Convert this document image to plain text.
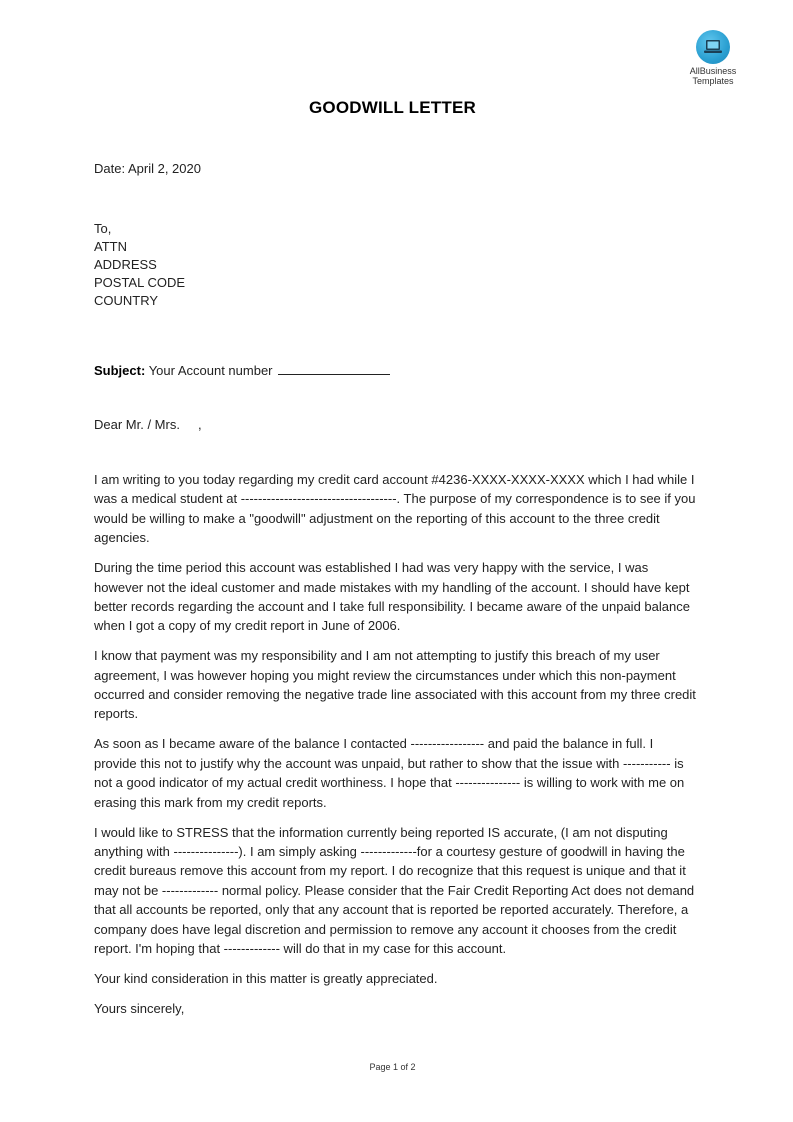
AllBusiness
Templates
GOODWILL LETTER
Date: April 2, 2020
To,
ATTN
ADDRESS
POSTAL CODE
COUNTRY
Subject: Your Account number
Dear Mr. / Mrs.     ,

I am writing to you today regarding my credit card account #4236-XXXX-XXXX-XXXX which I had while I was a medical student at ------------------------------------. The purpose of my correspondence is to see if you would be willing to make a "goodwill" adjustment on the reporting of this account to the three credit agencies.

During the time period this account was established I had was very happy with the service, I was however not the ideal customer and made mistakes with my handling of the account. I should have kept better records regarding the account and I take full responsibility. I became aware of the unpaid balance when I got a copy of my credit report in June of 2006.

I know that payment was my responsibility and I am not attempting to justify this breach of my user agreement, I was however hoping you might review the circumstances under which this non-payment occurred and consider removing the negative trade line associated with this account from my three credit reports.

As soon as I became aware of the balance I contacted ----------------- and paid the balance in full. I provide this not to justify why the account was unpaid, but rather to show that the issue with ----------- is not a good indicator of my actual credit worthiness. I hope that --------------- is willing to work with me on erasing this mark from my credit reports.

I would like to STRESS that the information currently being reported IS accurate, (I am not disputing anything with ---------------). I am simply asking -------------for a courtesy gesture of goodwill in having the credit bureaus remove this account from my report. I do recognize that this request is unique and that it may not be ------------- normal policy. Please consider that the Fair Credit Reporting Act does not demand that all accounts be reported, only that any account that is reported be reported accurately. Therefore, a company does have legal discretion and permission to remove any account it chooses from the credit report. I'm hoping that ------------- will do that in my case for this account.

Your kind consideration in this matter is greatly appreciated.

Yours sincerely,

Page 1 of 2
